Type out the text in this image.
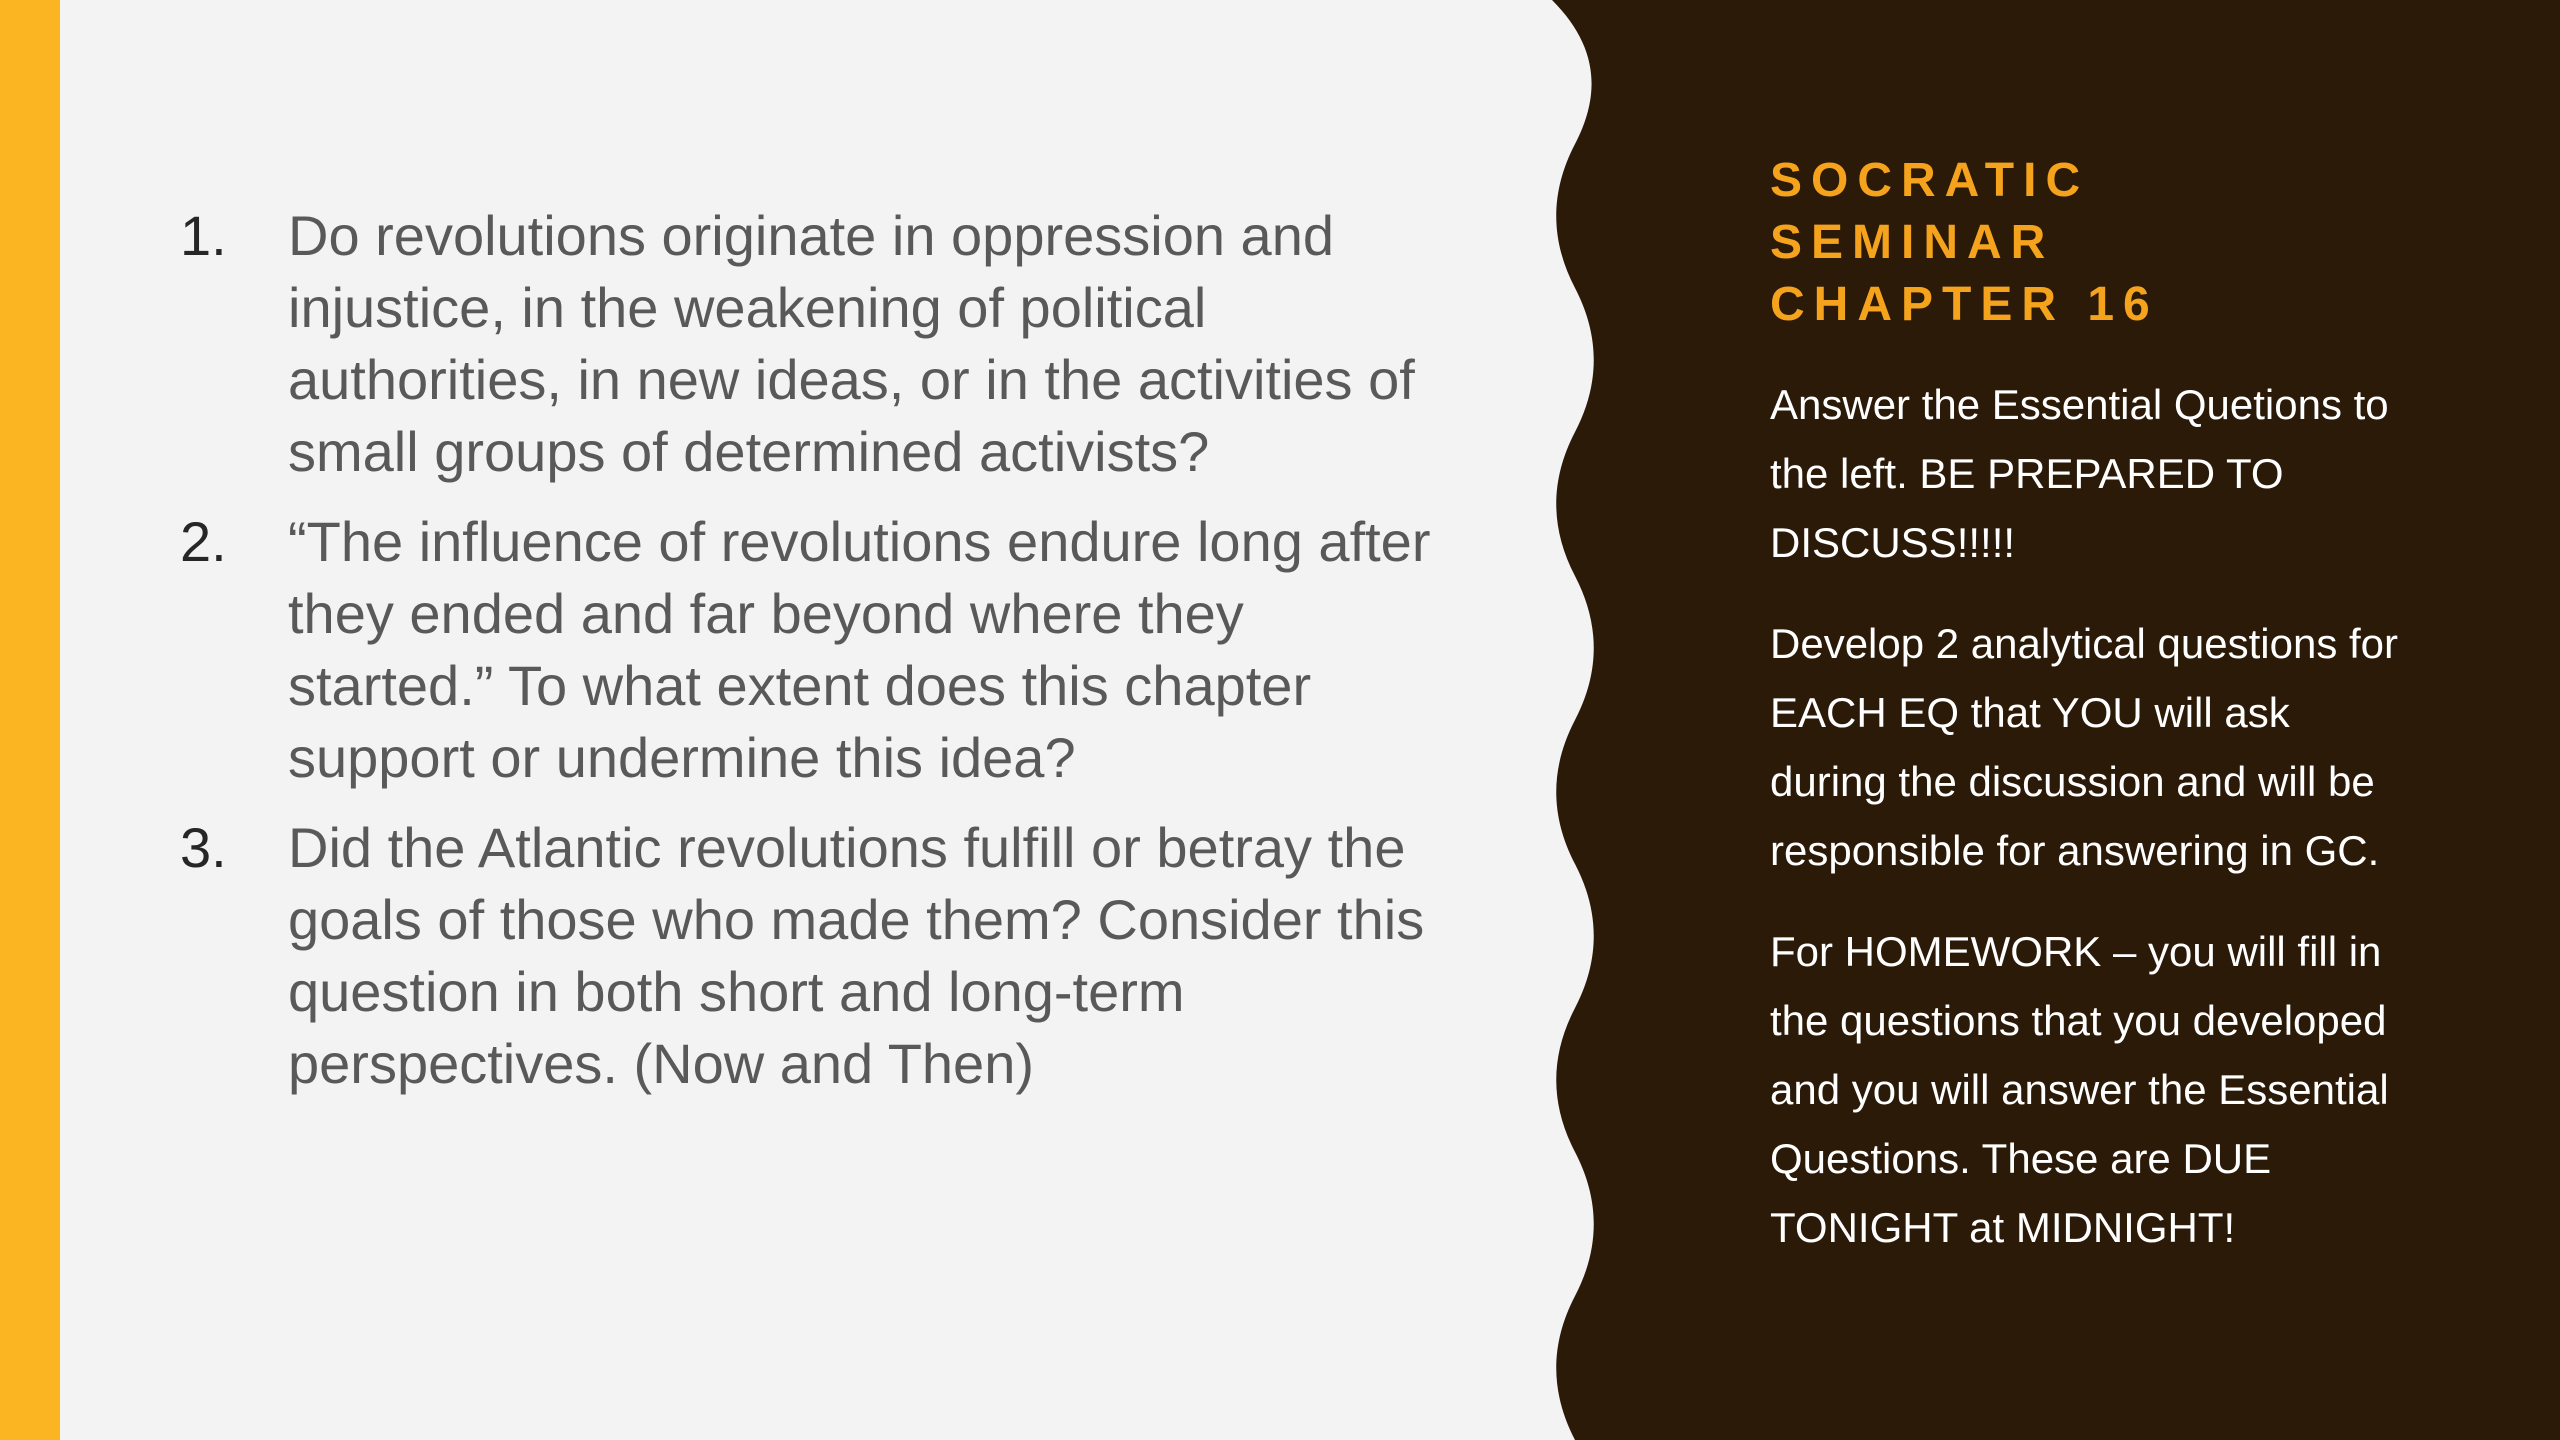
1. Do revolutions originate in oppression and injustice, in the weakening of political authorities, in new ideas, or in the activities of small groups of determined activists?
2. “The influence of revolutions endure long after they ended and far beyond where they started.” To what extent does this chapter support or undermine this idea?
3. Did the Atlantic revolutions fulfill or betray the goals of those who made them? Consider this question in both short and long-term perspectives. (Now and Then)
SOCRATIC
SEMINAR
CHAPTER 16

Answer the Essential Quetions to the left. BE PREPARED TO DISCUSS!!!!!

Develop 2 analytical questions for EACH EQ that YOU will ask during the discussion and will be responsible for answering in GC.

For HOMEWORK – you will fill in the questions that you developed and you will answer the Essential Questions. These are DUE TONIGHT at MIDNIGHT!
